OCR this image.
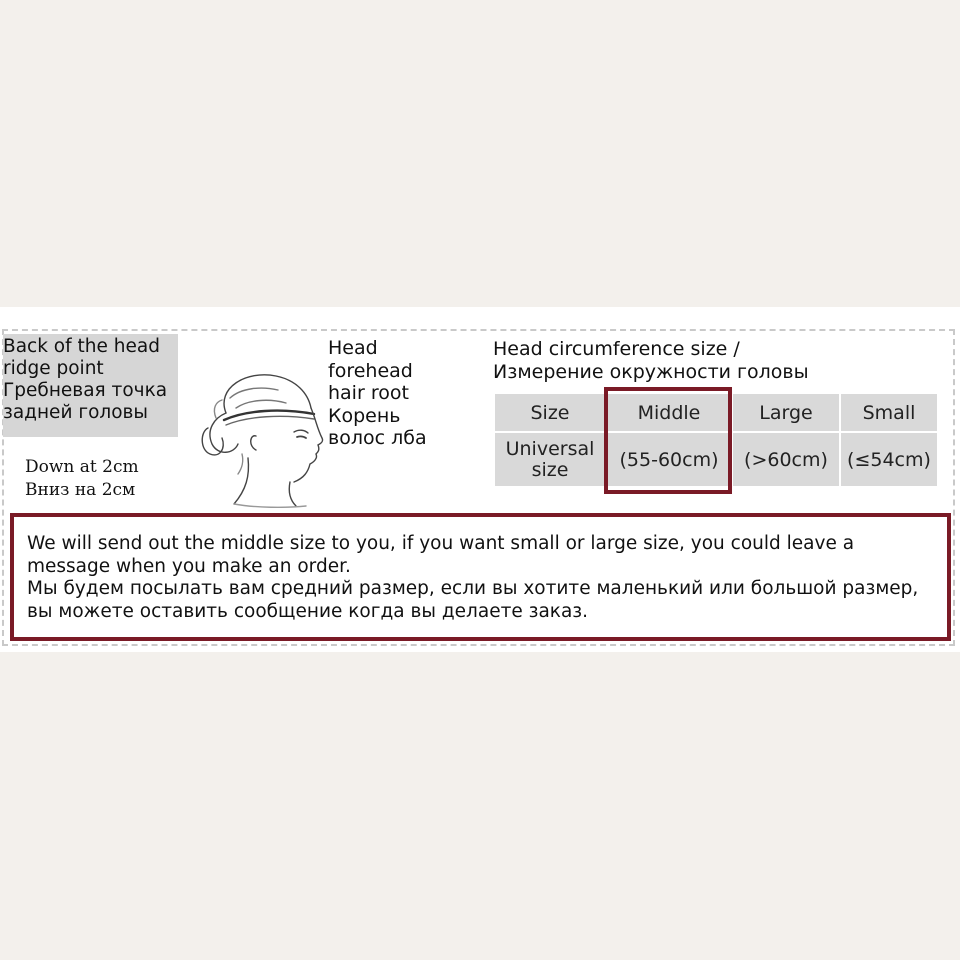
Back of the head
ridge point
Гребневая точка
задней головы
Down at 2cm
Вниз на 2см
Head
forehead
hair root
Корень
волос лба
Head circumference size /
Измерение окружности головы
Size	Middle	Large	Small

Universal size	(55-60cm)	(>60cm)	(≤54cm)
We will send out the middle size to you, if you want small or large size, you could leave a
message when you make an order.
Мы будем посылать вам средний размер, если вы хотите маленький или большой размер,
вы можете оставить сообщение когда вы делаете заказ.
